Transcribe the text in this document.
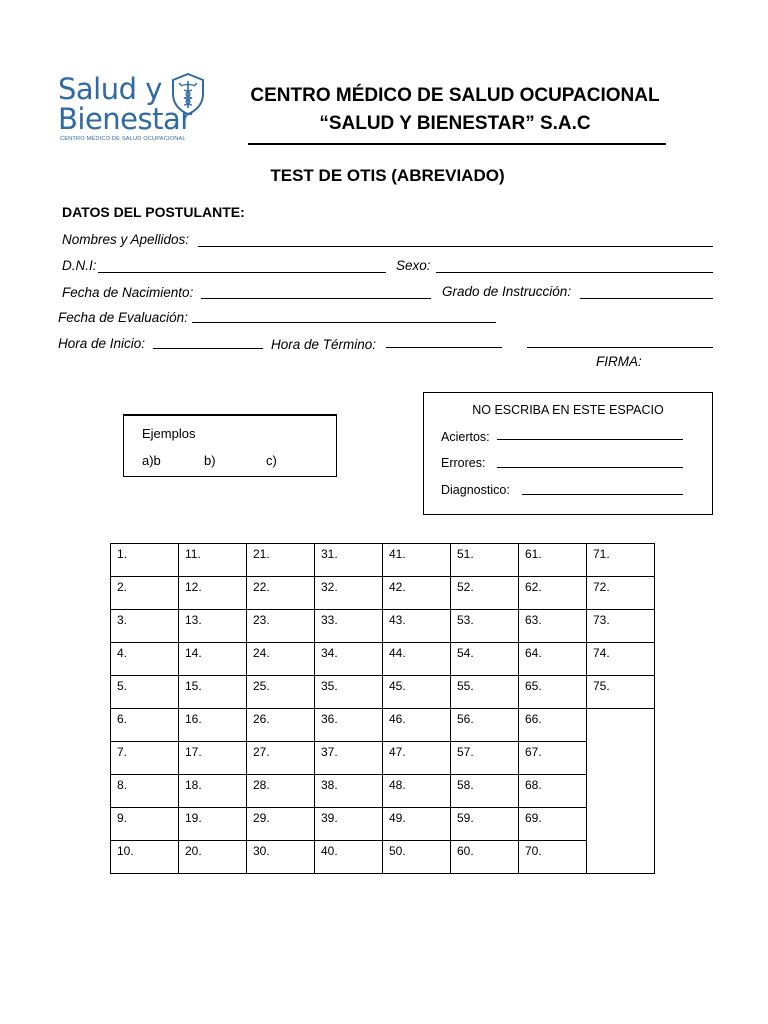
Salud y
Bienestar
CENTRO MÉDICO DE SALUD OCUPACIONAL
CENTRO MÉDICO DE SALUD OCUPACIONAL
“SALUD Y BIENESTAR” S.A.C
TEST DE OTIS (ABREVIADO)
DATOS DEL POSTULANTE:
Nombres y Apellidos:
D.N.I:	Sexo:
Fecha de Nacimiento:	Grado de Instrucción:
Fecha de Evaluación:
Hora de Inicio:	Hora de Término:
FIRMA:
Ejemplos
a)b	b)	c)
NO ESCRIBA EN ESTE ESPACIO
Aciertos:
Errores:
Diagnostico:
1.	11.	21.	31.	41.	51.	61.	71.
2.	12.	22.	32.	42.	52.	62.	72.
3.	13.	23.	33.	43.	53.	63.	73.
4.	14.	24.	34.	44.	54.	64.	74.
5.	15.	25.	35.	45.	55.	65.	75.
6.	16.	26.	36.	46.	56.	66.	
7.	17.	27.	37.	47.	57.	67.	
8.	18.	28.	38.	48.	58.	68.	
9.	19.	29.	39.	49.	59.	69.	
10.	20.	30.	40.	50.	60.	70.	
